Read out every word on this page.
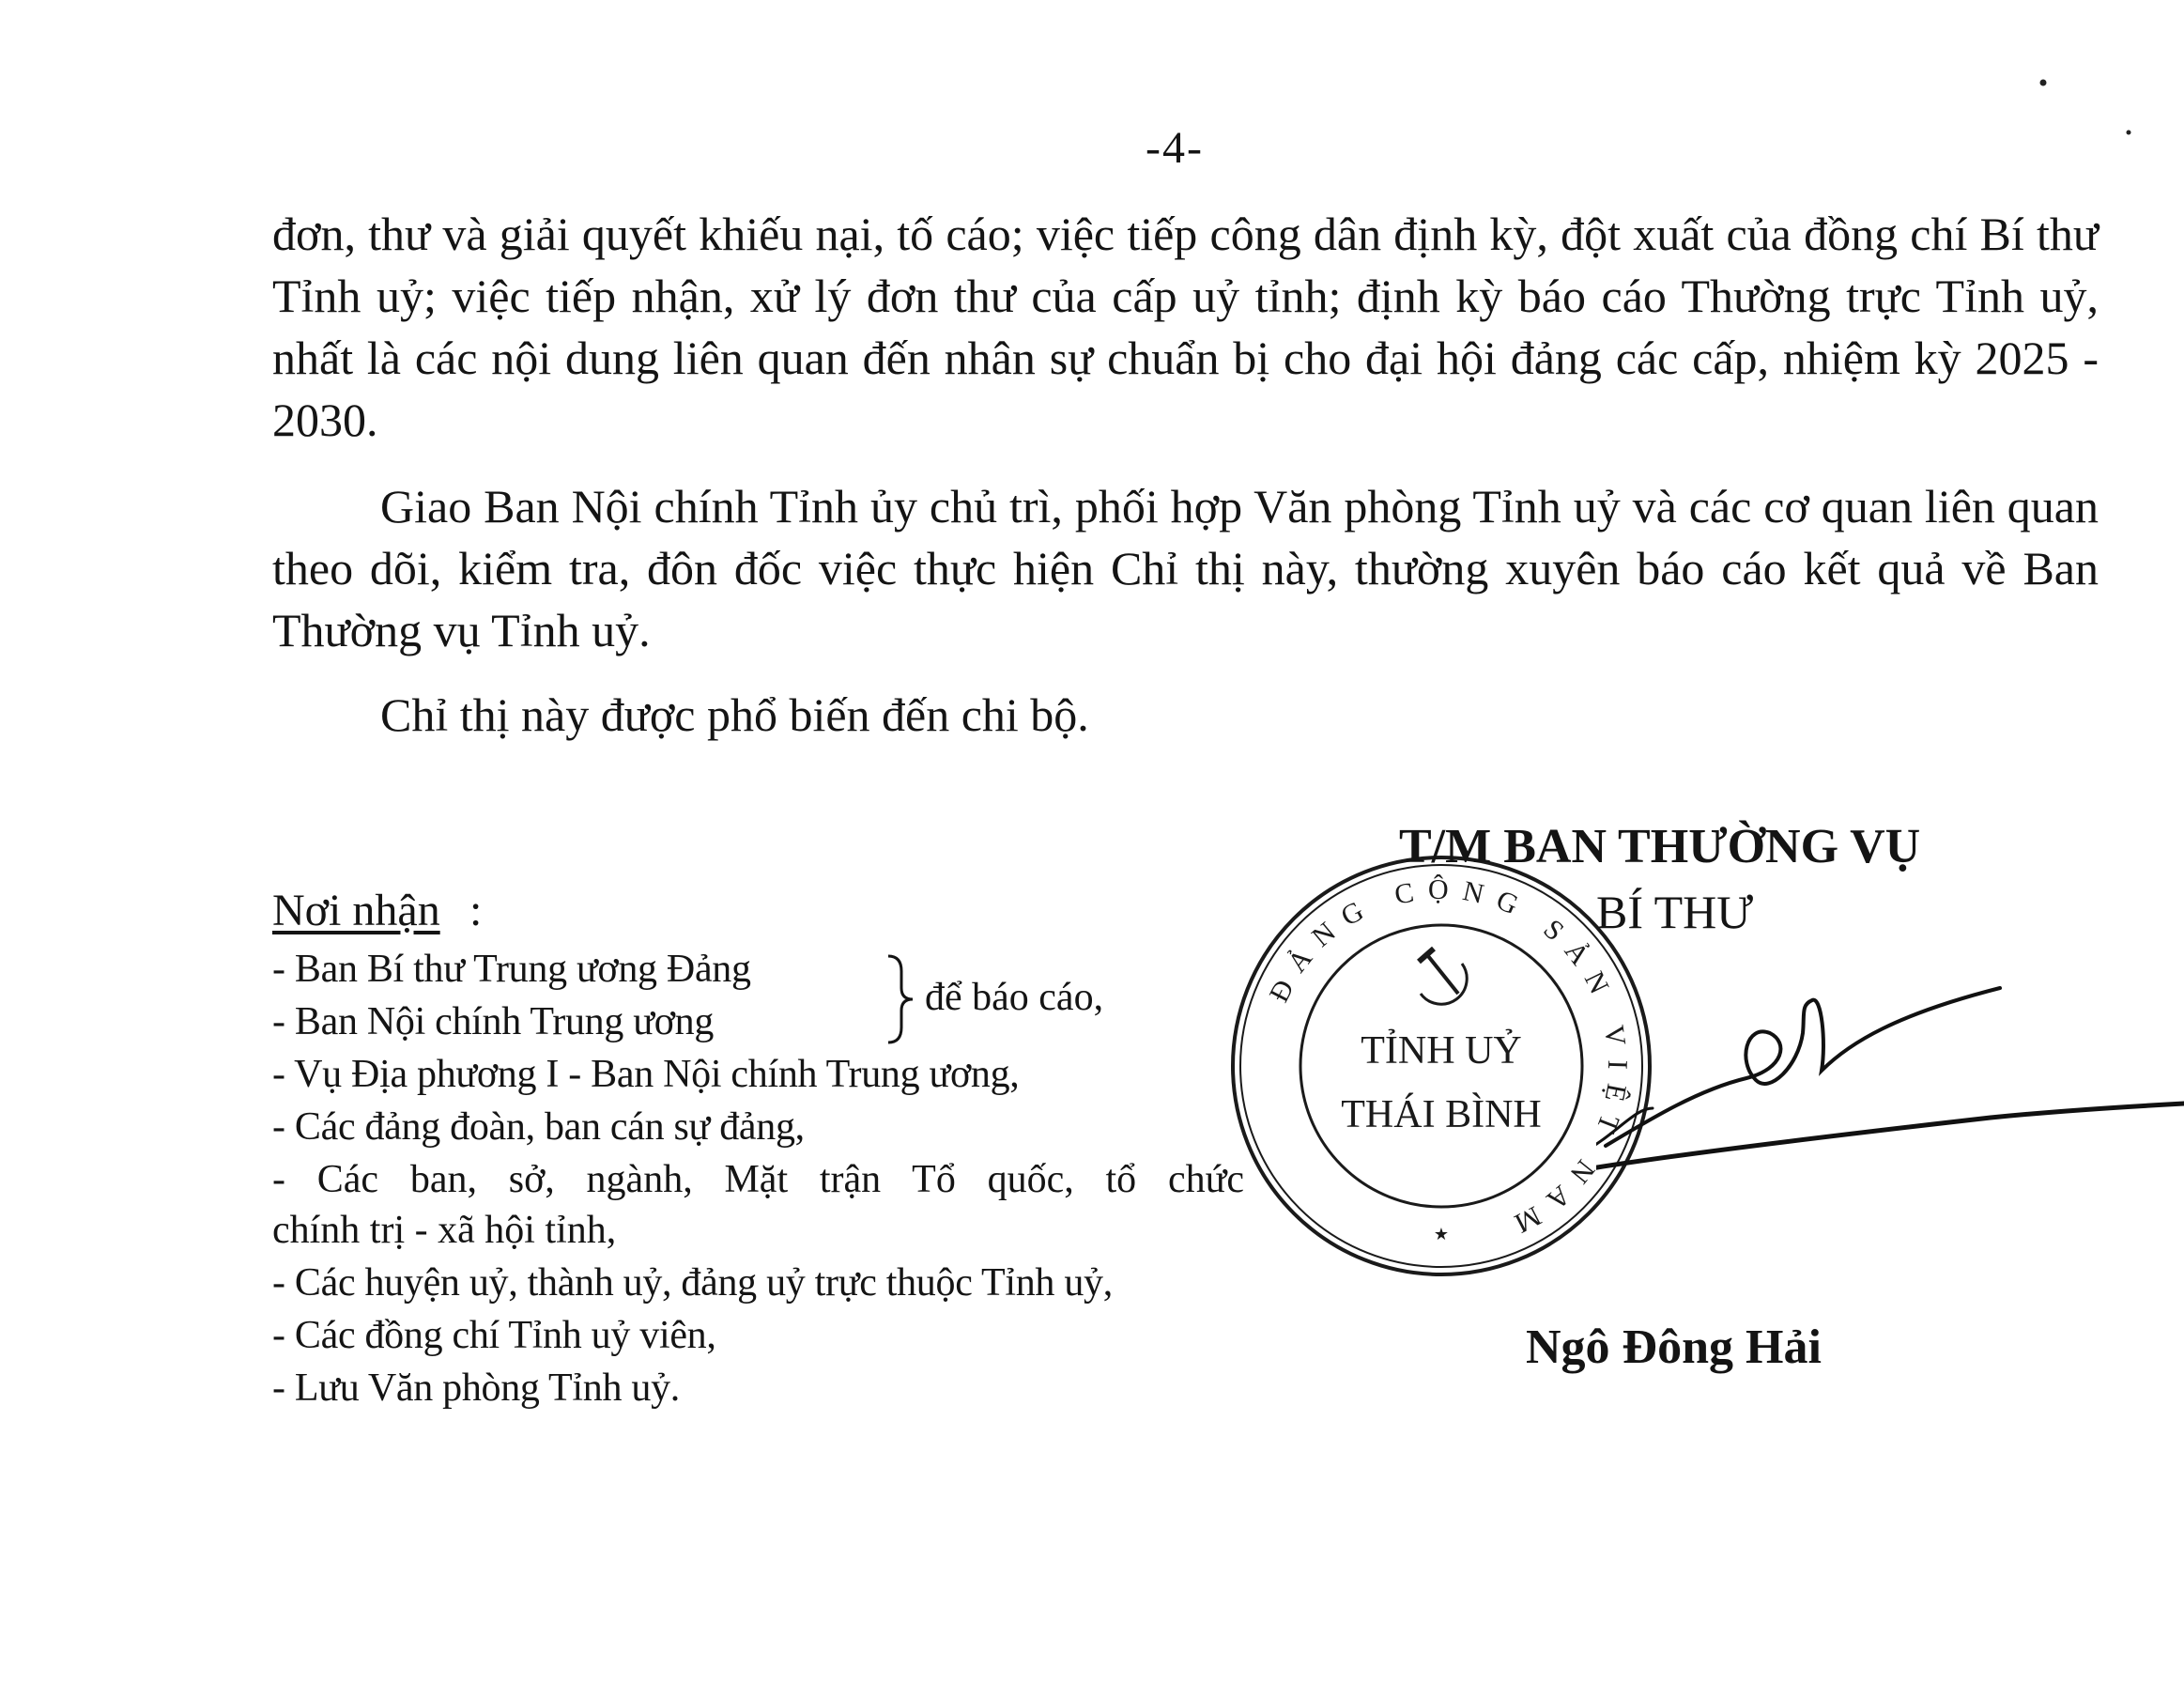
-4-

đơn, thư và giải quyết khiếu nại, tố cáo; việc tiếp công dân định kỳ, đột xuất của đồng chí Bí thư Tỉnh uỷ; việc tiếp nhận, xử lý đơn thư của cấp uỷ tỉnh; định kỳ báo cáo Thường trực Tỉnh uỷ, nhất là các nội dung liên quan đến nhân sự chuẩn bị cho đại hội đảng các cấp, nhiệm kỳ 2025 - 2030.

Giao Ban Nội chính Tỉnh ủy chủ trì, phối hợp Văn phòng Tỉnh uỷ và các cơ quan liên quan theo dõi, kiểm tra, đôn đốc việc thực hiện Chỉ thị này, thường xuyên báo cáo kết quả về Ban Thường vụ Tỉnh uỷ.

Chỉ thị này được phổ biến đến chi bộ.

Nơi nhận :
- Ban Bí thư Trung ương Đảng
- Ban Nội chính Trung ương
để báo cáo,
- Vụ Địa phương I - Ban Nội chính Trung ương,
- Các đảng đoàn, ban cán sự đảng,
- Các ban, sở, ngành, Mặt trận Tổ quốc, tổ chức
chính trị - xã hội tỉnh,
- Các huyện uỷ, thành uỷ, đảng uỷ trực thuộc Tỉnh uỷ,
- Các đồng chí Tỉnh uỷ viên,
- Lưu Văn phòng Tỉnh uỷ.
ĐẢNG CỘNG SẢN VIỆT NAM
TỈNH UỶ
THÁI BÌNH
★
T/M BAN THƯỜNG VỤ
BÍ THƯ
Ngô Đông Hải
